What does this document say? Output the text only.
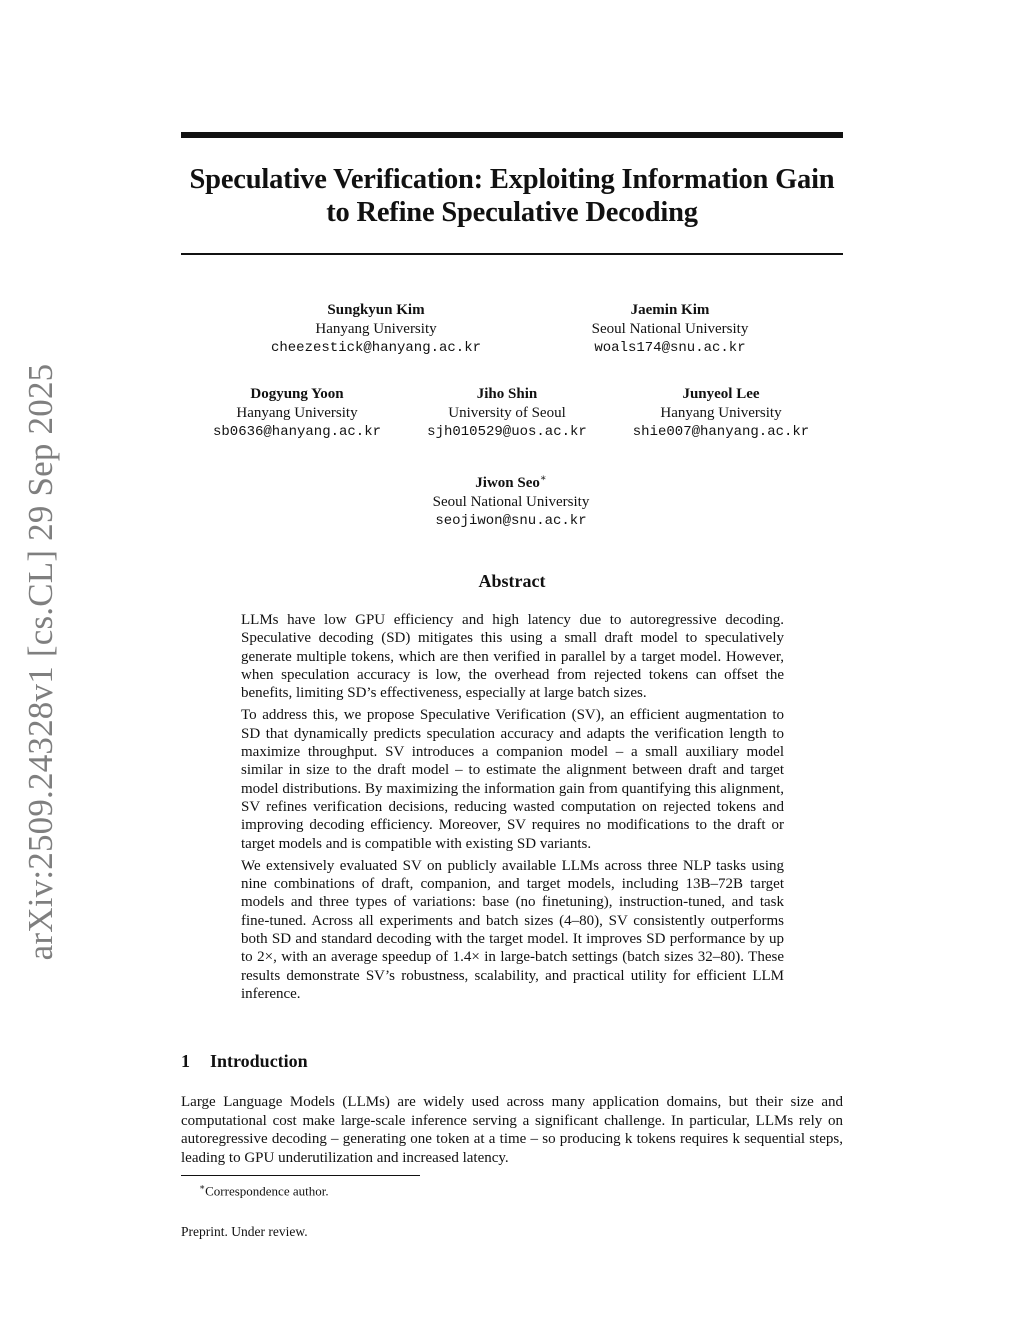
arXiv:2509.24328v1 [cs.CL] 29 Sep 2025
Speculative Verification: Exploiting Information Gain
to Refine Speculative Decoding
Sungkyun Kim
Hanyang University
cheezestick@hanyang.ac.kr
Jaemin Kim
Seoul National University
woals174@snu.ac.kr
Dogyung Yoon
Hanyang University
sb0636@hanyang.ac.kr
Jiho Shin
University of Seoul
sjh010529@uos.ac.kr
Junyeol Lee
Hanyang University
shie007@hanyang.ac.kr
Jiwon Seo∗
Seoul National University
seojiwon@snu.ac.kr
Abstract

LLMs have low GPU efficiency and high latency due to autoregressive decoding. Speculative decoding (SD) mitigates this using a small draft model to speculatively generate multiple tokens, which are then verified in parallel by a target model. However, when speculation accuracy is low, the overhead from rejected tokens can offset the benefits, limiting SD’s effectiveness, especially at large batch sizes.

To address this, we propose Speculative Verification (SV), an efficient augmentation to SD that dynamically predicts speculation accuracy and adapts the verification length to maximize throughput. SV introduces a companion model – a small auxiliary model similar in size to the draft model – to estimate the alignment between draft and target model distributions. By maximizing the information gain from quantifying this alignment, SV refines verification decisions, reducing wasted computation on rejected tokens and improving decoding efficiency. Moreover, SV requires no modifications to the draft or target models and is compatible with existing SD variants.

We extensively evaluated SV on publicly available LLMs across three NLP tasks using nine combinations of draft, companion, and target models, including 13B–72B target models and three types of variations: base (no finetuning), instruction-tuned, and task fine-tuned. Across all experiments and batch sizes (4–80), SV consistently outperforms both SD and standard decoding with the target model. It improves SD performance by up to 2×, with an average speedup of 1.4× in large-batch settings (batch sizes 32–80). These results demonstrate SV’s robustness, scalability, and practical utility for efficient LLM inference.

1 Introduction

Large Language Models (LLMs) are widely used across many application domains, but their size and computational cost make large-scale inference serving a significant challenge. In particular, LLMs rely on autoregressive decoding – generating one token at a time – so producing k tokens requires k sequential steps, leading to GPU underutilization and increased latency.

∗Correspondence author.

Preprint. Under review.
